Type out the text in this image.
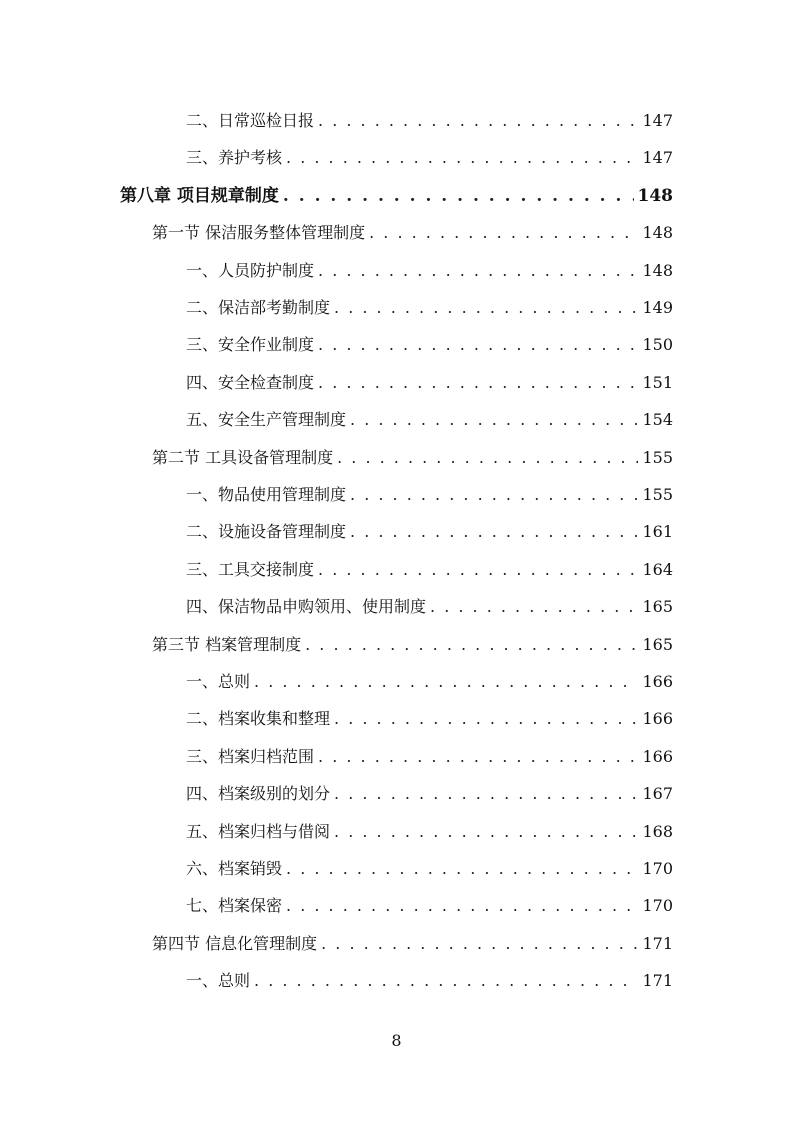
二、日常巡检日报 . . .	147
三、养护考核 . . .	147
第八章 项目规章制度 . . .	148
第一节 保洁服务整体管理制度 . . .	148
一、人员防护制度 . . .	148
二、保洁部考勤制度 . . .	149
三、安全作业制度 . . .	150
四、安全检查制度 . . .	151
五、安全生产管理制度 . . .	154
第二节 工具设备管理制度 . . .	155
一、物品使用管理制度 . . .	155
二、设施设备管理制度 . . .	161
三、工具交接制度 . . .	164
四、保洁物品申购领用、使用制度 . . .	165
第三节 档案管理制度 . . .	165
一、总则 . . .	166
二、档案收集和整理 . . .	166
三、档案归档范围 . . .	166
四、档案级别的划分 . . .	167
五、档案归档与借阅 . . .	168
六、档案销毁 . . .	170
七、档案保密 . . .	170
第四节 信息化管理制度 . . .	171
一、总则 . . .	171
8
